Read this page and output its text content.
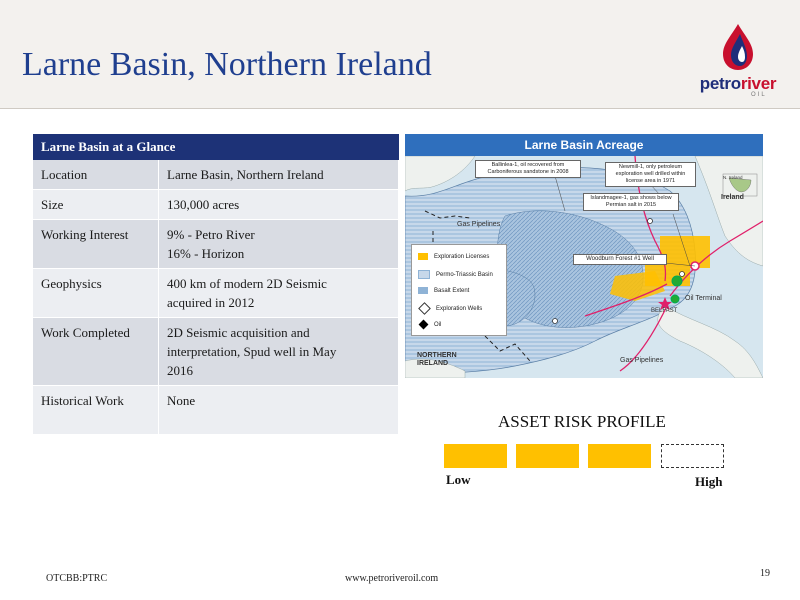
Larne Basin, Northern Ireland
petroriver
OIL
Larne Basin at a Glance	
Location	Larne Basin, Northern Ireland

Size	130,000 acres

Working Interest	9% - Petro River
16% - Horizon

Geophysics	400 km of modern 2D Seismic
acquired in 2012

Work Completed	2D Seismic acquisition and
interpretation, Spud well in May
2016

Historical Work	None
Larne Basin Acreage
Ballinlea-1, oil recovered from Carboniferous sandstone in 2008
Newmill-1, only petroleum exploration well drilled within license area in 1971
Islandmagee-1, gas shows below Permian salt in 2015
Woodburn Forest #1 Well
Gas Pipelines
Gas Pipelines
NORTHERN IRELAND
BELFAST
Oil Terminal
Ireland
N. Ireland
Exploration Licenses
Permo-Triassic Basin
Basalt Extent
Exploration Wells
Oil
ASSET RISK PROFILE
Low	High
OTCBB:PTRC	www.petroriveroil.com	19
